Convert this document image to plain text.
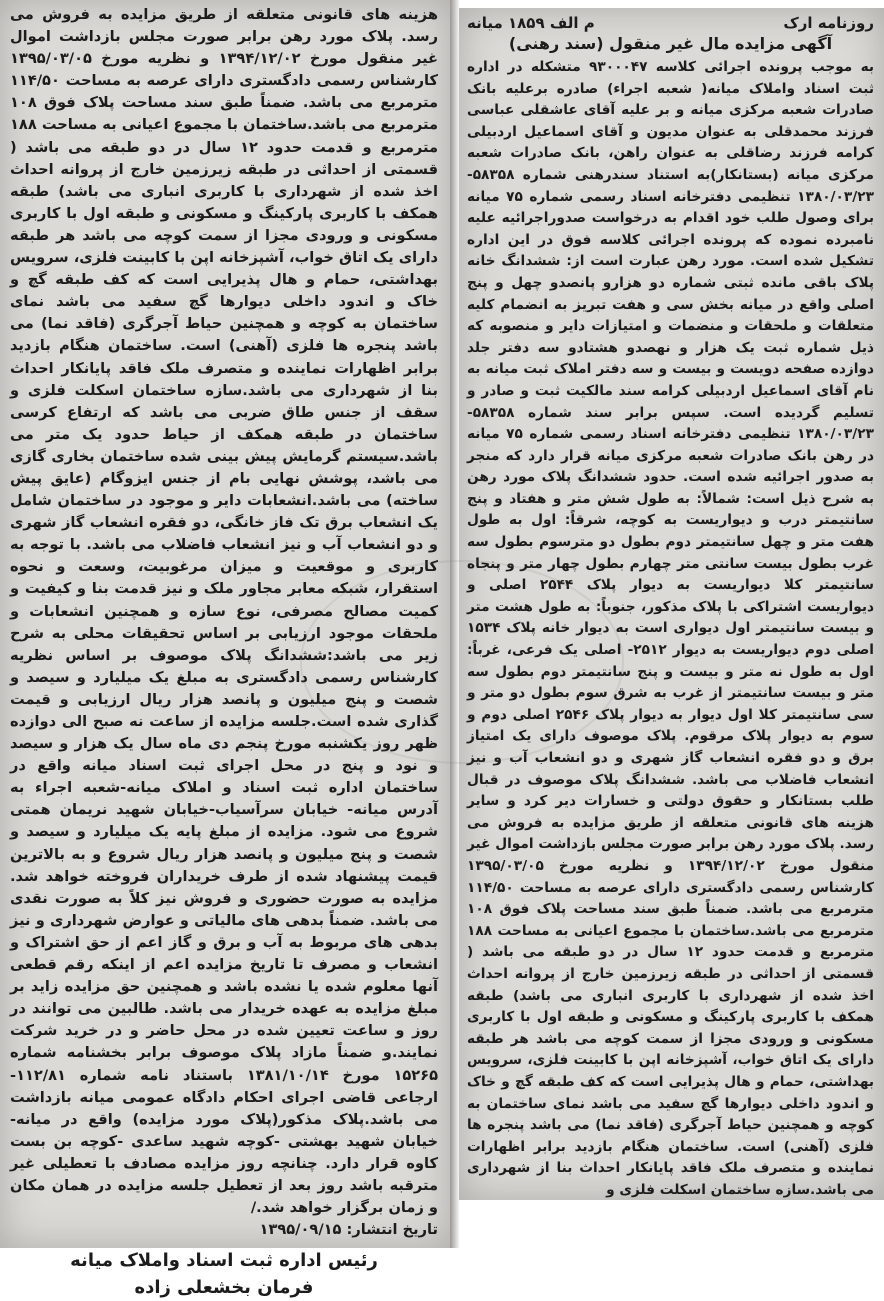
هزینه های قانونی متعلقه از طریق مزایده به فروش می رسد. پلاک مورد رهن برابر صورت مجلس بازداشت اموال غیر منقول مورخ ۱۳۹۴/۱۲/۰۲ و نظریه مورخ ۱۳۹۵/۰۳/۰۵ کارشناس رسمی دادگستری دارای عرصه به مساحت ۱۱۴/۵۰ مترمربع می باشد. ضمناً طبق سند مساحت پلاک فوق ۱۰۸ مترمربع می باشد.ساختمان با مجموع اعیانی به مساحت ۱۸۸ مترمربع و قدمت حدود ۱۲ سال در دو طبقه می باشد ( قسمتی از احداثی در طبقه زیرزمین خارج از پروانه احداث اخذ شده از شهرداری با کاربری انباری می باشد) طبقه همکف با کاربری پارکینگ و مسکونی و طبقه اول با کاربری مسکونی و ورودی مجزا از سمت کوچه می باشد هر طبقه دارای یک اتاق خواب، آشپزخانه اپن با کابینت فلزی، سرویس بهداشتی، حمام و هال پذیرایی است که کف طبقه گچ و خاک و اندود داخلی دیوارها گچ سفید می باشد نمای ساختمان به کوچه و همچنین حیاط آجرگری (فاقد نما) می باشد پنجره ها فلزی (آهنی) است. ساختمان هنگام بازدید برابر اظهارات نماینده و متصرف ملک فاقد پایانکار احداث بنا از شهرداری می باشد.سازه ساختمان اسکلت فلزی و سقف از جنس طاق ضربی می باشد که ارتفاع کرسی ساختمان در طبقه همکف از حیاط حدود یک متر می باشد.سیستم گرمایش پیش بینی شده ساختمان بخاری گازی می باشد، پوشش نهایی بام از جنس ایزوگام (عایق پیش ساخته) می باشد.انشعابات دایر و موجود در ساختمان شامل یک انشعاب برق تک فاز خانگی، دو فقره انشعاب گاز شهری و دو انشعاب آب و نیز انشعاب فاضلاب می باشد. با توجه به کاربری و موقعیت و میزان مرغوبیت، وسعت و نحوه استقرار، شبکه معابر مجاور ملک و نیز قدمت بنا و کیفیت و کمیت مصالح مصرفی، نوع سازه و همچنین انشعابات و ملحقات موجود ارزیابی بر اساس تحقیقات محلی به شرح زیر می باشد:ششدانگ پلاک موصوف بر اساس نظریه کارشناس رسمی دادگستری به مبلغ یک میلیارد و سیصد و شصت و پنج میلیون و پانصد هزار ریال ارزیابی و قیمت گذاری شده است.جلسه مزایده از ساعت نه صبح الی دوازده ظهر روز یکشنبه مورخ پنجم دی ماه سال یک هزار و سیصد و نود و پنج در محل اجرای ثبت اسناد میانه واقع در ساختمان اداره ثبت اسناد و املاک میانه-شعبه اجراء به آدرس میانه- خیابان سرآسیاب-خیابان شهید نریمان همتی شروع می شود. مزایده از مبلغ پایه یک میلیارد و سیصد و شصت و پنج میلیون و پانصد هزار ریال شروع و به بالاترین قیمت پیشنهاد شده از طرف خریداران فروخته خواهد شد. مزایده به صورت حضوری و فروش نیز کلاً به صورت نقدی می باشد. ضمناً بدهی های مالیاتی و عوارض شهرداری و نیز بدهی های مربوط به آب و برق و گاز اعم از حق اشتراک و انشعاب و مصرف تا تاریخ مزایده اعم از اینکه رقم قطعی آنها معلوم شده یا نشده باشد و همچنین حق مزایده زاید بر مبلغ مزایده به عهده خریدار می باشد. طالبین می توانند در روز و ساعت تعیین شده در محل حاضر و در خرید شرکت نمایند.و ضمناً مازاد پلاک موصوف برابر بخشنامه شماره ۱۵۲۶۵ مورخ ۱۳۸۱/۱۰/۱۴ باستناد نامه شماره ۱۱۲/۸۱-ارجاعی قاضی اجرای احکام دادگاه عمومی میانه بازداشت می باشد.پلاک مذکور(پلاک مورد مزایده) واقع در میانه-خیابان شهید بهشتی -کوچه شهید ساعدی -کوچه بن بست کاوه قرار دارد. چنانچه روز مزایده مصادف با تعطیلی غیر مترقبه باشد روز بعد از تعطیل جلسه مزایده در همان مکان و زمان برگزار خواهد شد./

تاریخ انتشار: ۱۳۹۵/۰۹/۱۵
رئیس اداره ثبت اسناد واملاک میانه
فرمان بخشعلی زاده
روزنامه ارک
م الف ۱۸۵۹ میانه
آگهی مزایده مال غیر منقول (سند رهنی)

به موجب پرونده اجرائی کلاسه ۹۳۰۰۰۴۷ متشکله در اداره ثبت اسناد واملاک میانه( شعبه اجراء) صادره برعلیه بانک صادرات شعبه مرکزی میانه و بر علیه آقای عاشقلی عباسی فرزند محمدقلی به عنوان مدیون و آقای اسماعیل اردبیلی کرامه فرزند رضاقلی به عنوان راهن، بانک صادرات شعبه مرکزی میانه (بستانکار)به استناد سندرهنی شماره ۵۸۳۵۸- ۱۳۸۰/۰۳/۲۳ تنظیمی دفترخانه اسناد رسمی شماره ۷۵ میانه برای وصول طلب خود اقدام به درخواست صدوراجرائیه علیه نامبرده نموده که پرونده اجرائی کلاسه فوق در این اداره تشکیل شده است. مورد رهن عبارت است از: ششدانگ خانه پلاک باقی مانده ثبتی شماره دو هزارو پانصدو چهل و پنج اصلی واقع در میانه بخش سی و هفت تبریز به انضمام کلیه متعلقات و ملحقات و منضمات و امتیازات دایر و منصوبه که ذیل شماره ثبت یک هزار و نهصدو هشتادو سه دفتر جلد دوازده صفحه دویست و بیست و سه دفتر املاک ثبت میانه به نام آقای اسماعیل اردبیلی کرامه سند مالکیت ثبت و صادر و تسلیم گردیده است. سپس برابر سند شماره ۵۸۳۵۸- ۱۳۸۰/۰۳/۲۳ تنظیمی دفترخانه اسناد رسمی شماره ۷۵ میانه در رهن بانک صادرات شعبه مرکزی میانه قرار دارد که منجر به صدور اجرائیه شده است. حدود ششدانگ پلاک مورد رهن به شرح ذیل است: شمالاً: به طول شش متر و هفتاد و پنج سانتیمتر درب و دیواریست به کوچه، شرقاً: اول به طول هفت متر و چهل سانتیمتر دوم بطول دو مترسوم بطول سه غرب بطول بیست سانتی متر چهارم بطول چهار متر و پنجاه سانتیمتر کلا دیواریست به دیوار پلاک ۲۵۴۴ اصلی و دیواریست اشتراکی با پلاک مذکور، جنوباً: به طول هشت متر و بیست سانتیمتر اول دیواری است به دیوار خانه پلاک ۱۵۳۴ اصلی دوم دیواریست به دیوار ۲۵۱۲- اصلی یک فرعی، غرباً: اول به طول نه متر و بیست و پنج سانتیمتر دوم بطول سه متر و بیست سانتیمتر از غرب به شرق سوم بطول دو متر و سی سانتیمتر کلا اول دیوار به دیوار پلاک ۲۵۴۶ اصلی دوم و سوم به دیوار پلاک مرقوم. پلاک موصوف دارای یک امتیاز برق و دو فقره انشعاب گاز شهری و دو انشعاب آب و نیز انشعاب فاضلاب می باشد. ششدانگ پلاک موصوف در قبال طلب بستانکار و حقوق دولتی و خسارات دیر کرد و سایر هزینه های قانونی متعلقه از طریق مزایده به فروش می رسد. پلاک مورد رهن برابر صورت مجلس بازداشت اموال غیر منقول مورخ ۱۳۹۴/۱۲/۰۲ و نظریه مورخ ۱۳۹۵/۰۳/۰۵ کارشناس رسمی دادگستری دارای عرصه به مساحت ۱۱۴/۵۰ مترمربع می باشد. ضمناً طبق سند مساحت پلاک فوق ۱۰۸ مترمربع می باشد.ساختمان با مجموع اعیانی به مساحت ۱۸۸ مترمربع و قدمت حدود ۱۲ سال در دو طبقه می باشد ( قسمتی از احداثی در طبقه زیرزمین خارج از پروانه احداث اخذ شده از شهرداری با کاربری انباری می باشد) طبقه همکف با کاربری پارکینگ و مسکونی و طبقه اول با کاربری مسکونی و ورودی مجزا از سمت کوچه می باشد هر طبقه دارای یک اتاق خواب، آشپزخانه اپن با کابینت فلزی، سرویس بهداشتی، حمام و هال پذیرایی است که کف طبقه گچ و خاک و اندود داخلی دیوارها گچ سفید می باشد نمای ساختمان به کوچه و همچنین حیاط آجرگری (فاقد نما) می باشد پنجره ها فلزی (آهنی) است. ساختمان هنگام بازدید برابر اظهارات نماینده و متصرف ملک فاقد پایانکار احداث بنا از شهرداری می باشد.سازه ساختمان اسکلت فلزی و
